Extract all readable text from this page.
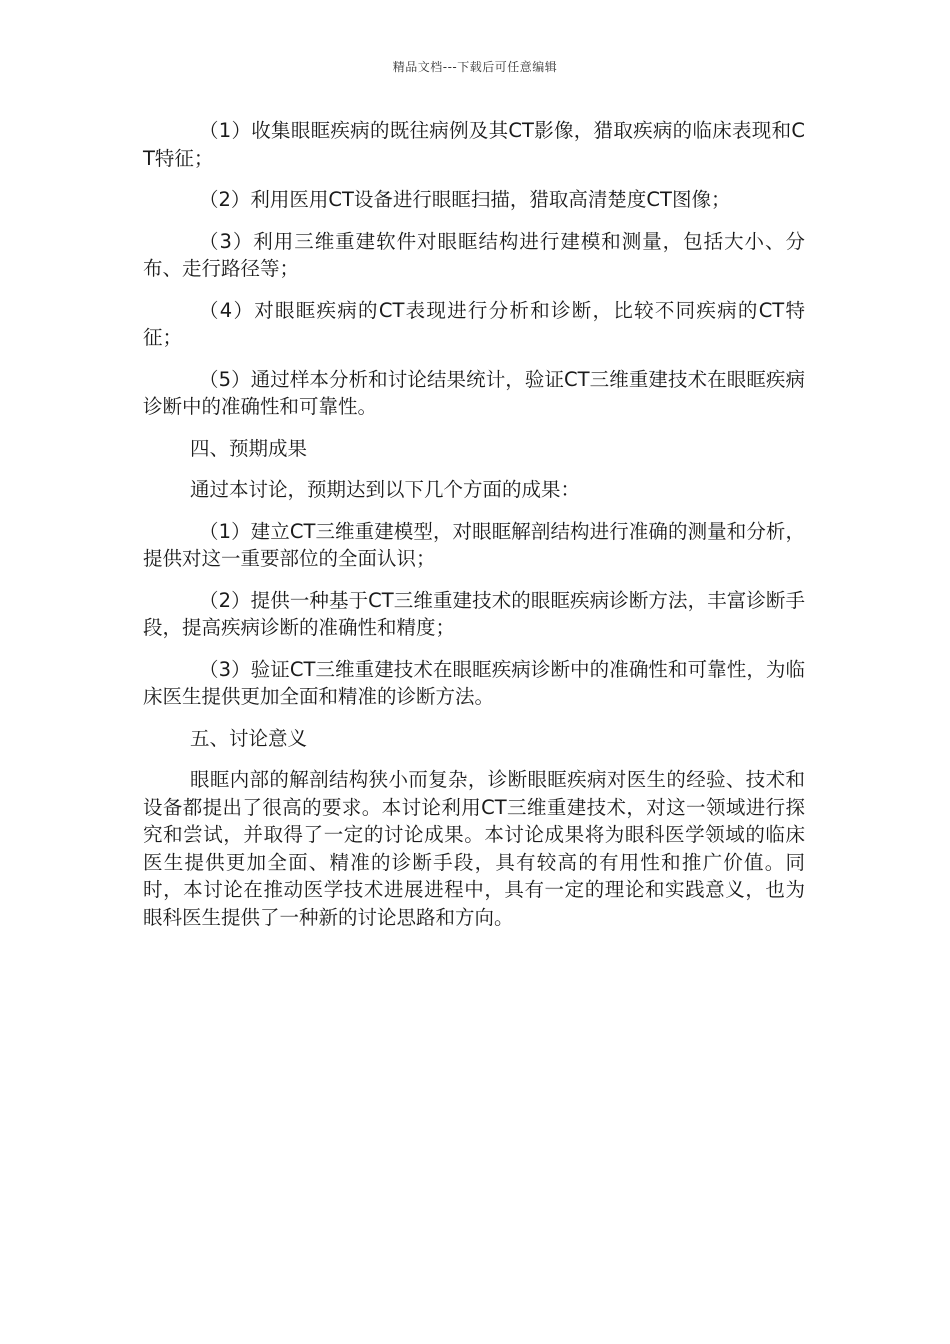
精品文档---下载后可任意编辑

（1）收集眼眶疾病的既往病例及其CT影像，猎取疾病的临床表现和CT特征；

（2）利用医用CT设备进行眼眶扫描，猎取高清楚度CT图像；

（3）利用三维重建软件对眼眶结构进行建模和测量，包括大小、分布、走行路径等；

（4）对眼眶疾病的CT表现进行分析和诊断，比较不同疾病的CT特征；

（5）通过样本分析和讨论结果统计，验证CT三维重建技术在眼眶疾病诊断中的准确性和可靠性。

四、预期成果

通过本讨论，预期达到以下几个方面的成果：

（1）建立CT三维重建模型，对眼眶解剖结构进行准确的测量和分析，提供对这一重要部位的全面认识；

（2）提供一种基于CT三维重建技术的眼眶疾病诊断方法，丰富诊断手段，提高疾病诊断的准确性和精度；

（3）验证CT三维重建技术在眼眶疾病诊断中的准确性和可靠性，为临床医生提供更加全面和精准的诊断方法。

五、讨论意义

眼眶内部的解剖结构狭小而复杂，诊断眼眶疾病对医生的经验、技术和设备都提出了很高的要求。本讨论利用CT三维重建技术，对这一领域进行探究和尝试，并取得了一定的讨论成果。本讨论成果将为眼科医学领域的临床医生提供更加全面、精准的诊断手段，具有较高的有用性和推广价值。同时，本讨论在推动医学技术进展进程中，具有一定的理论和实践意义，也为眼科医生提供了一种新的讨论思路和方向。
